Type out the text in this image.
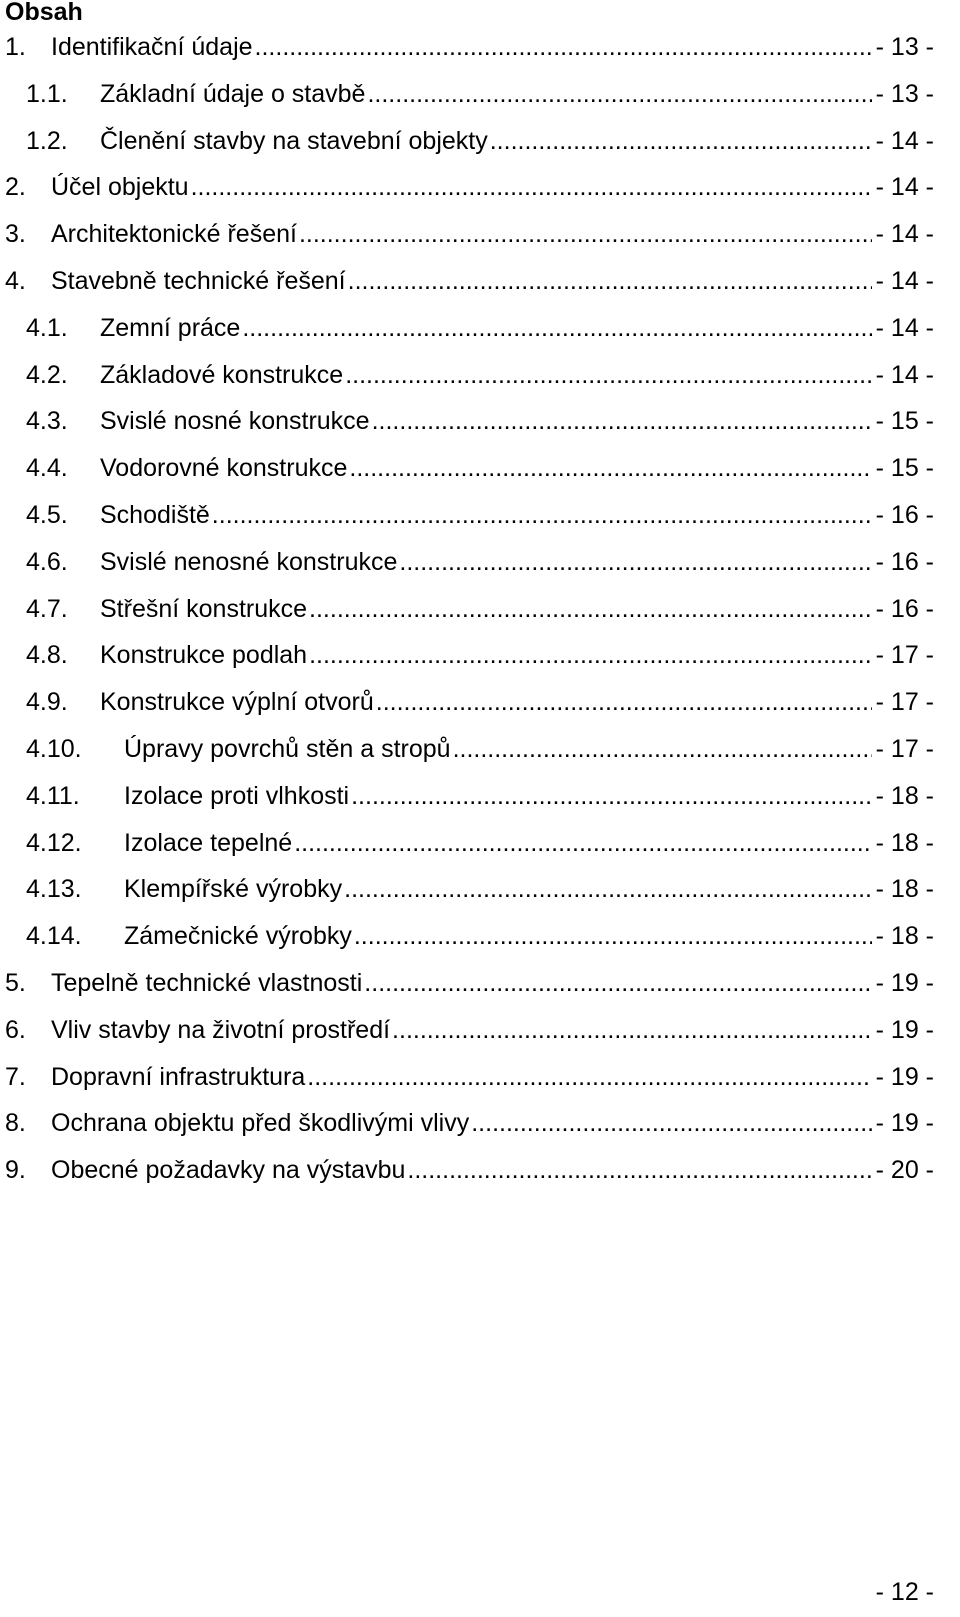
Obsah
1. Identifikační údaje .....	- 13 -
1.1. Základní údaje o stavbě .....	- 13 -
1.2. Členění stavby na stavební objekty .....	- 14 -
2. Účel objektu .....	- 14 -
3. Architektonické řešení .....	- 14 -
4. Stavebně technické řešení .....	- 14 -
4.1. Zemní práce .....	- 14 -
4.2. Základové konstrukce .....	- 14 -
4.3. Svislé nosné konstrukce .....	- 15 -
4.4. Vodorovné konstrukce .....	- 15 -
4.5. Schodiště .....	- 16 -
4.6. Svislé nenosné konstrukce .....	- 16 -
4.7. Střešní konstrukce .....	- 16 -
4.8. Konstrukce podlah .....	- 17 -
4.9. Konstrukce výplní otvorů .....	- 17 -
4.10. Úpravy povrchů stěn a stropů .....	- 17 -
4.11. Izolace proti vlhkosti .....	- 18 -
4.12. Izolace tepelné .....	- 18 -
4.13. Klempířské výrobky .....	- 18 -
4.14. Zámečnické výrobky .....	- 18 -
5. Tepelně technické vlastnosti .....	- 19 -
6. Vliv stavby na životní prostředí .....	- 19 -
7. Dopravní infrastruktura .....	- 19 -
8. Ochrana objektu před škodlivými vlivy .....	- 19 -
9. Obecné požadavky na výstavbu .....	- 20 -
- 12 -
